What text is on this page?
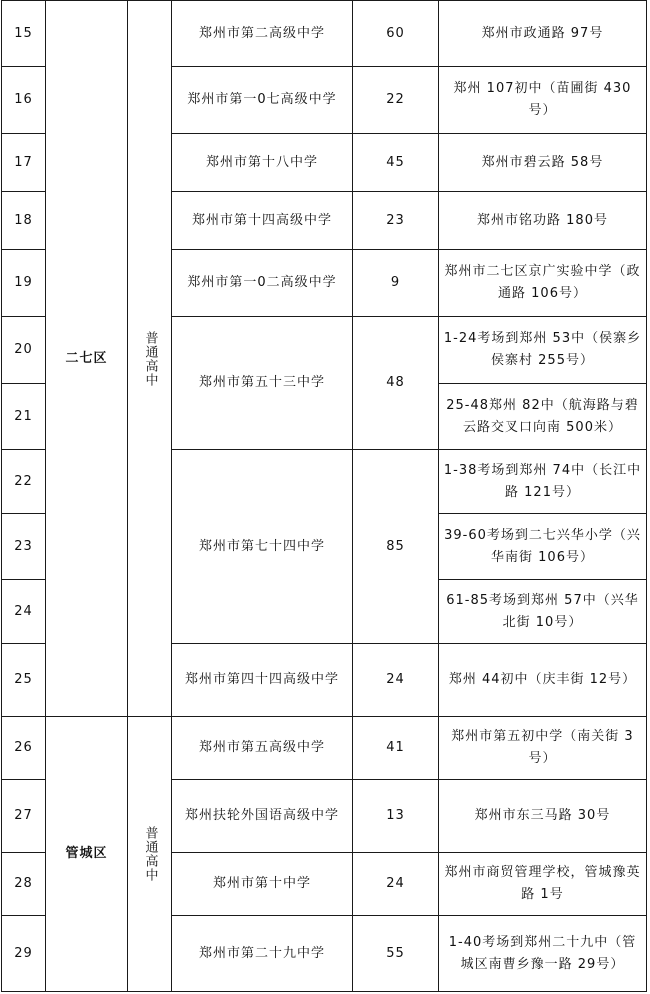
15	二七区	普通高中	郑州市第二高级中学	60	郑州市政通路 97号
16			郑州市第一0七高级中学	22	郑州 107初中（苗圃街 430号）
17			郑州市第十八中学	45	郑州市碧云路 58号
18			郑州市第十四高级中学	23	郑州市铭功路 180号
19			郑州市第一0二高级中学	9	郑州市二七区京广实验中学（政通路 106号）
20			郑州市第五十三中学	48	1-24考场到郑州 53中（侯寨乡侯寨村 255号）
21					25-48郑州 82中（航海路与碧云路交叉口向南 500米）
22			郑州市第七十四中学	85	1-38考场到郑州 74中（长江中路 121号）
23					39-60考场到二七兴华小学（兴华南街 106号）
24					61-85考场到郑州 57中（兴华北街 10号）
25			郑州市第四十四高级中学	24	郑州 44初中（庆丰街 12号）
26	管城区	普通高中	郑州市第五高级中学	41	郑州市第五初中学（南关街 3号）
27			郑州扶轮外国语高级中学	13	郑州市东三马路 30号
28			郑州市第十中学	24	郑州市商贸管理学校，管城豫英路 1号
29			郑州市第二十九中学	55	1-40考场到郑州二十九中（管城区南曹乡豫一路 29号）
